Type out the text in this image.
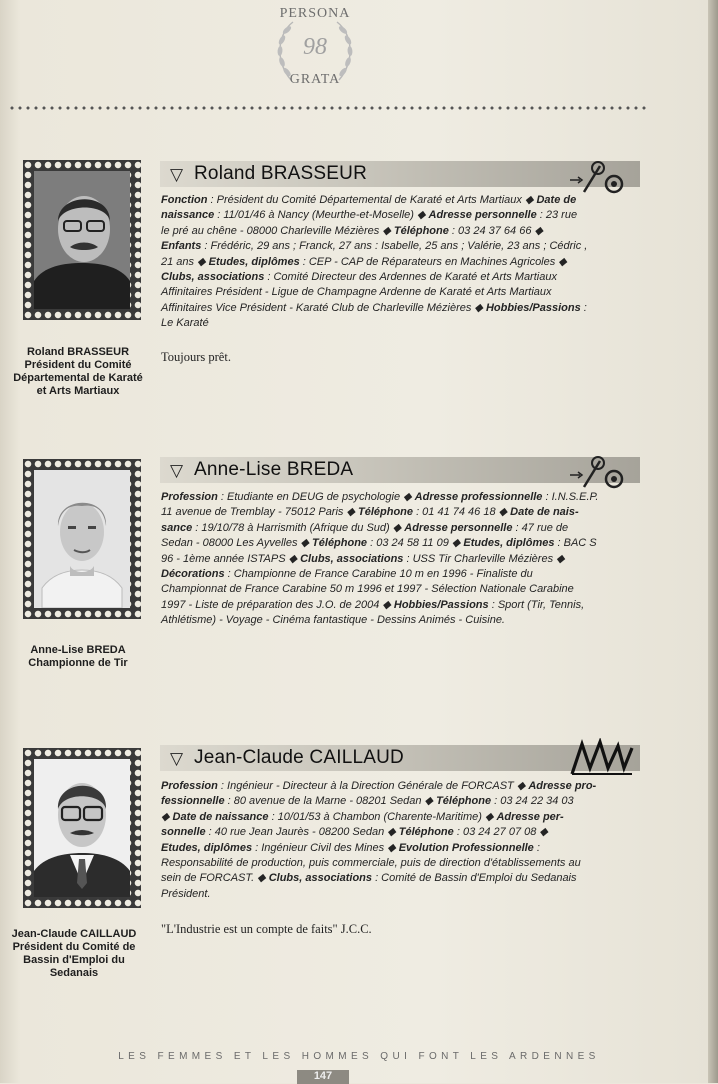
PERSONA
98
GRATA

Roland BRASSEUR
Président du Comité
Départemental de Karaté
et Arts Martiaux
▽ Roland BRASSEUR
Fonction : Président du Comité Départemental de Karaté et Arts Martiaux ◆ Date de
naissance : 11/01/46 à Nancy (Meurthe-et-Moselle) ◆ Adresse personnelle : 23 rue
le pré au chêne - 08000 Charleville Mézières ◆ Téléphone : 03 24 37 64 66 ◆
Enfants : Frédéric, 29 ans ; Franck, 27 ans : Isabelle, 25 ans ; Valérie, 23 ans ; Cédric ,
21 ans ◆ Etudes, diplômes : CEP - CAP de Réparateurs en Machines Agricoles ◆
Clubs, associations : Comité Directeur des Ardennes de Karaté et Arts Martiaux
Affinitaires Président - Ligue de Champagne Ardenne de Karaté et Arts Martiaux
Affinitaires Vice Président - Karaté Club de Charleville Mézières ◆ Hobbies/Passions :
Le Karaté
Toujours prêt.
Anne-Lise BREDA
Championne de Tir
▽ Anne-Lise BREDA
Profession : Etudiante en DEUG de psychologie ◆ Adresse professionnelle : I.N.S.E.P.
11 avenue de Tremblay - 75012 Paris ◆ Téléphone : 01 41 74 46 18 ◆ Date de nais-
sance : 19/10/78 à Harrismith (Afrique du Sud) ◆ Adresse personnelle : 47 rue de
Sedan - 08000 Les Ayvelles ◆ Téléphone : 03 24 58 11 09 ◆ Etudes, diplômes : BAC S
96 - 1ème année ISTAPS ◆ Clubs, associations : USS Tir Charleville Mézières ◆
Décorations : Championne de France Carabine 10 m en 1996 - Finaliste du
Championnat de France Carabine 50 m 1996 et 1997 - Sélection Nationale Carabine
1997 - Liste de préparation des J.O. de 2004 ◆ Hobbies/Passions : Sport (Tir, Tennis,
Athlétisme) - Voyage - Cinéma fantastique - Dessins Animés - Cuisine.
Jean-Claude CAILLAUD
Président du Comité de
Bassin d'Emploi du
Sedanais
▽ Jean-Claude CAILLAUD
Profession : Ingénieur - Directeur à la Direction Générale de FORCAST ◆ Adresse pro-
fessionnelle : 80 avenue de la Marne - 08201 Sedan ◆ Téléphone : 03 24 22 34 03
◆ Date de naissance : 10/01/53 à Chambon (Charente-Maritime) ◆ Adresse per-
sonnelle : 40 rue Jean Jaurès - 08200 Sedan ◆ Téléphone : 03 24 27 07 08 ◆
Etudes, diplômes : Ingénieur Civil des Mines ◆ Evolution Professionnelle :
Responsabilité de production, puis commerciale, puis de direction d'établissements au
sein de FORCAST. ◆ Clubs, associations : Comité de Bassin d'Emploi du Sedanais
Président.
"L'Industrie est un compte de faits" J.C.C.
LES FEMMES ET LES HOMMES QUI FONT LES ARDENNES
147
